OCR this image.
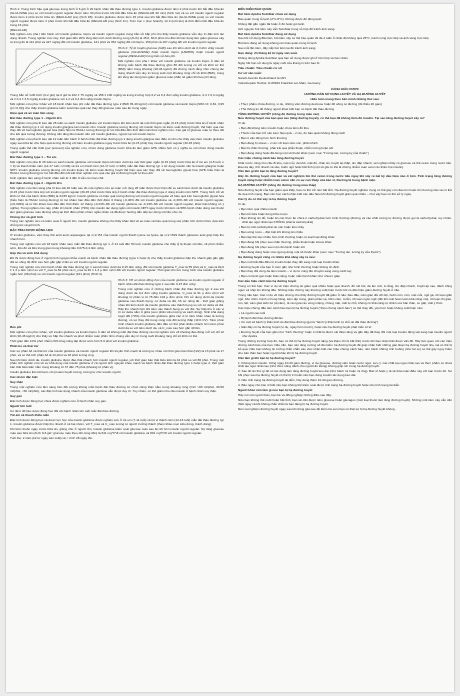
Hình 1: Trung bình hậu quả glucose trung bình ở 6 giờ ở 20 bệnh nhân đái tháo đường type 1. Insulin glulisine được tiêm 2 phút trước khi bắt đầu bữa ăn (GLULISINE pre) so với insulin người regular được tiêm 30 phút trước khi bắt đầu bữa ăn (REGULAR 30 min) (hình 1A) và so với insulin người regular được tiêm 2 phút trước bữa ăn (REGULAR pre) (hình 1B). Insulin glulisine được tiêm 15 phút sau khi bắt đầu bữa ăn (GLULISINE post) so với insulin người regular được tiêm 2 phút trước khi bắt đầu bữa ăn (REGULAR pre) (hình 1C). Trên trục x (trục hoành), số 0 (mũi tên) là thời điểm bắt đầu bữa ăn trong 15 phút.

(REGULAR)

Một nghiên cứu pha I tiến hành với insulin glulisine, lispro và insulin người regular trong bắn sử bắp phì cho thấy insulin glulisine vẫn duy trì đặc tính tác dụng nhanh. Trong nghiên cứu này, thời gian đến 20% tổng diện tích dưới đường cong (AUC) là 45,0, 60,0 phút cho đến khi tác dụng làm giảm glucose xảy ra trong đó là 114 phút và 427 mg/kg đối với insulin glulisine, 121 phút và 354 mg/kg đối với lispro, 150 phút và 197 mg/kg đối với insulin người regular.

Hình 2: Tỷ lệ truyền glucose (GIR) sau khi tiêm dưới da 0,3 đơn vị/kg insulin glulisine (GLULISINE) hoặc insulin lispro (LISPRO) hoặc insulin người regular (REGULAR) trong bắn sử béo phì.

Một nghiên cứu pha I khác với insulin glulisine và insulin lispro ở dân số không mắc bệnh đái tháo đường gồm 80 đối tượng có chỉ số khối cơ thể (BMI) nằm trong khoảng (18-46 kg/m²) đã chứng minh rằng nhìn chung tác dụng nhanh vẫn duy trì trong suốt một khoảng rộng chỉ số khối (BMI), trong khi tổng tác dụng làm giảm glucose toàn phần sẽ giảm khi béo phì tăng.

Trong bắn sử GIR AUC (0-2 giờ) tại 0 giờ là 102 ± 75 mg/kg và 158 ± 100 mg/kg và trong trường hợp 0,2 và 0,4 đơn vị/kg insulin glulisine, 0,4 ± 0,4 mg/kg và ± 0,4 ± 3,5 mg/kg insulin glulisine với 1,2 và 0,4 đơn vị/kg insulin lispro.

Một nghiên cứu pha I khác với 18 bệnh nhân béo phì mắc đái tháo đường type 2 (BMI 35-40 kg/m²) với insulin glulisine và insulin lispro [90% CI: 0,81, 0,95 (p=<0,01)] cho thấy insulin glulisine kiểm soát hiệu quả các thay đổi glucose máu sau ăn trong ngày.

Hiệu quả và an toàn lâm sàng

Đái tháo đường type 1 – Người lớn

Một nghiên cứu pha III kéo dài 26 tuần so sánh insulin glulisine với insulin lispro khi tiêm dưới da một thời gian ngắn (0-15 phút) trước bữa ăn ở bệnh nhân đái tháo đường typ 1 sử dụng insulin glargine làm insulin nền. Insulin glulisine tương đương với insulin lispro về kiểm soát đường huyết, thể hiện qua các thay đổi về hemoglobin glycat hóa (biểu hiện là HbA1c tương đương) từ lúc bắt đầu đến thời điểm kết thúc nghiên cứu. Các giá trị glucose máu tự theo dõi cho kết quả tương đương. Không cần tăng liều insulin nền với insulin glulisine, ngược lại với insulin lispro.

Một nghiên cứu pha III kéo dài 12 tuần tiến hành ở bệnh nhân đái tháo đường typ 1 dùng insulin glargine làm điều trị nền cho thấy việc tiêm insulin glulisine ngay sau bữa ăn cho hiệu quả tương đương với tiêm insulin glulisine ngay trước bữa ăn (0-15 phút) hay insulin người regular (30-45 phút).

Trong quần thể cần thiết (per protocol) của nghiên cứu, nhóm dùng glulisine trước bữa ăn làm giảm GHb nhiều hơn có ý nghĩa so với nhóm dùng insulin người regular.

Đái tháo đường type 1 – Trẻ em

Một nghiên cứu pha III 26 tuần so sánh insulin glulisine với insulin lispro khi tiêm dưới da một thời gian ngắn (0-15 phút) trước bữa ăn ở trẻ em (4-5 tuổi; n = 9) và thanh thiếu niên (12-17 tuổi; n=149) và trẻ em hành trên (12-17 tuổi; n=180) mắc đái tháo đường typ 1 sử dụng insulin nền là insulin glargine hoặc NPH. Insulin glulisine tương đương với insulin lispro về kiểm soát đường huyết thể hiện qua các thay đổi về hemoglobin glycat hóa (GHb biểu hiện là HbA1c tương đương) từ lúc bắt đầu đến khi kết thúc nghiên cứu qua các giá trị đường huyết tự theo dõi.

Kinh nghiệm lâm sàng ở bệnh nhân tuổi từ 4 đến 6 vẫn còn hạn chế.

Đái tháo đường type 2 – Người lớn

Một nghiên cứu lâm sàng pha III kéo dài 26 tuần sau đó một nghiên cứu an toàn mở rộng 26 tuần được thực hiện để so sánh tiêm dưới da insulin glulisine (0-15 phút trước bữa ăn) với insulin người regular (30-45 phút trước bữa ăn) ở bệnh nhân đái tháo đường type 2 dùng insulin nền NPH. Trong hình trở về khối cơ thể của bệnh nhân (BMI) là 34,55 kg/m². Insulin glulisine có hiệu quả tương đương với insulin người regular về hiệu quả trên hemoglobin glycat hóa (biểu hiện là HbA1c tương đương) từ lúc khám ban đầu đến thời điểm 6 tháng (-0,46% đối với insulin glulisine và -0,30% đối với insulin người regular, p=0,0029) và từ lần khám ban đầu đến thời điểm 12 tháng (-0,23% đối với insulin glulisine và -0,13% đối với insulin người regular, khác biệt không có ý nghĩa). Trong nghiên cứu này, phần lớn bệnh nhân (79%) trộn insulin tác dụng ngắn với insulin NPH ngay trước khi tiêm và 58% bệnh nhân dùng các thuốc làm giảm glucose máu đường uống tại thời điểm phân nhóm ngẫu nhiên và đã được hướng dẫn tiếp tục dùng với liều như cũ.

Chủng tộc và giới tính

Trong các nghiên cứu có kiểm soát ở người lớn, insulin glulisine không cho thấy khác biệt về an toàn và hiệu quả trong các phân tích dưới nhóm dựa trên chủng tộc và giới tính.

ĐẶC TÍNH DƯỢC ĐỘNG HỌC

Ở insulin glulisine, việc thay thế acid amin asparagine tại vị trí B3 của insulin người thành lysine và lysine tại vị trí B29 thành glutamic acid giúp hấp thu nhanh hơn.

Trong một nghiên cứu với 18 bệnh nhân nam mắc đái tháo đường typ 1, ở 21 tuổi đến 50 tuổi, insulin glulisine cho thấy tỷ lệ thuận với liều, về phơi nhiễm sớm, liều đó và liều trung gian trong khoảng liều 0,075-0,4 đơn vị/kg.

Hấp thu và sinh khả dụng

Đồ thị dược động học ở người tình nguyện khỏe mạnh và bệnh nhân đái tháo đường (type 1 hoặc 2) cho thấy insulin glulisine hấp thu nhanh gấp gần gấp đôi so nồng độ đỉnh cao hơn gần gấp 2 lần so với insulin người regular.

Trong một nghiên cứu trên bệnh nhân đái tháo đường typ 1 sau khi tiêm dưới da 0,15 đơn vị/kg, đối với insulin glulisine T_max là 55 phút và C_max là 82,0 ± 1,3 µ đơn vị/ml so với T_max là 82 phút và C_max là 46 ± 1,3 µ đơn vị/ml đối với insulin người regular. Thời gian tồn lưu trung bình của insulin glulisine ngắn hơn (98 phút) so với insulin người regular (161 phút) (Hình 3).

Hình 3: Hồ sơ dược động học của insulin glulisine và insulin người regular ở bệnh nhân đái tháo đường type 1 sau liều 0,15 đơn vị/kg.

Trong một nghiên cứu ở những bệnh nhân đái tháo đường typ 2 sau khi dùng dưới da 0,2 đơn vị/kg insulin glulisine, C_max là 91 µ đơn vị/ml với khoảng tứ phân vị từ 78 đến 104 µ đơn vị/ml. Khi sử dụng dưới da insulin glulisine vào thành bụng, cơ delta và đùi, hồ sơ nồng độ - thời gian giống nhau khi tiêm dưới da insulin glulisine vào thành bụng so với cơ delta và đùi. Hấp thu nhanh hơn khi tiêm vào thành bụng so với đùi. Sự hấp thu ở các vị trí cơ delta nằm ở giữa (xem phần Liều lượng và cách dùng). Sinh khả dụng tuyệt đối (70%) của insulin glulisine giữa các vị trí tiêm khác nhau là tương đương, có sự thay đổi trong cùng một đối tượng thấp (11% CV). Tiêm phúc trình nhanh insulin glulisine đến đâu cơ thể phải nhiều nhanh hơn tiêm phúc dưới da so với tiêm dưới da, và C_max cao hơn gần 40 lần.

Béo phì

Một nghiên cứu pha I khác, với insulin glulisine và insulin lispro ở dân số không mắc đái tháo đường và một nghiên cứu về khoảng đạo động mở với chỉ số khối (18-46 kg/m²) cho thấy sự hấp thu nhanh và phơi nhiễm toàn phần nhìn chung vẫn duy trì trong suốt khoảng rộng chỉ số khối cơ thể.

Thời gian đến 10% phơi nhiễm INS tổng cũng đạt được sớm hơn 5-6 phút với insulin glulisine.

Phân bố và thải trừ

Các sự phân bố và thải trừ của insulin glulisine và insulin người regular khi truyền tĩnh mạch là tương tự nhau với thời gian bán thải (t1/2) là 13 phút và 17 phút, và có thể tích phân bố là 13 phút và 18 phút tương ứng.

Sau khi tiêm dưới da, insulin glulisine được đào thải nhanh hơn insulin người regular, với thời gian bán thải biểu kiến là 42 phút so với 86 phút. Trong một phân tích nghiên cứu về sự khả dụng của insulin glulisine ở cả người tình nguyện khỏe mạnh và bệnh nhân đái tháo đường type 1 hoặc type 2, thời gian bán thải biểu kiến nằm trong khoảng từ 37 đến 75 phút (khoảng tứ phân vị).

Insulin glulisine liên kết kém với protein huyết tương, tương tự như insulin người.

Các nhóm đặc biệt

Suy thận

Trong một nghiên cứu lâm sàng trên đối tượng không mắc bệnh đái tháo đường có chức năng thận nằm trong khoảng rộng (Clcr >80 ml/phút, 30-50 ml/phút, <30 ml/phút), các đặc tính tác dụng nhanh của insulin glulisine vẫn được duy trì. Tuy nhiên, có thể giảm nhu cầu insulin ở bệnh nhân suy thận.

Suy gan

Đặc tính dược động học chưa được nghiên cứu ở bệnh nhân suy gan.

Người lớn tuổi

Có rất ít dữ liệu dược động học đối với bệnh nhân lớn tuổi mắc đái tháo đường.

Trẻ em và thanh thiếu niên

Đặc tính dược động học và dược lực học của insulin glulisine được nghiên cứu ở trẻ em (7-11 tuổi) và trẻ vị thành niên (12-16 tuổi) mắc đái tháo đường typ 1. Insulin glulisine được hấp thu nhanh ở cả hai nhóm, với T_max và C_max tương tự người trưởng thành (tham khảo mục Liều dùng, Cách dùng).

Khi tiêm thuốc ngay trước bữa ăn, giống như ở người lớn, insulin glulisine kiểm soát glucose máu sau ăn tốt hơn insulin người regular. Sự tăng glucose máu sau bữa ăn (AUC 0-6 giờ: glucose máu theo dõi cộng dồn) là 641 mg*h*dl với insulin glulisine và 801 mg*h*dl với insulin người regular.

Tuổi thọ: 2 năm (kể từ ngày sản xuất) và < 2m!! 28 ngày tồn.

ĐIỀU KIỆN BẢO QUẢN

Bút tiêm Apidra SoloStar chưa sử dụng

Bảo quản trong tủ lạnh (2°C-8°C). Không được để đông lạnh.

Không đặt gần ngăn đá hoặc ở đó hoặc gói lạnh.

Giữ nguyên bút tiêm này vẫn SoloStar trong vỏ hộp để tránh ánh sáng.

Bút tiêm Apidra SoloStar đang sử dụng

Sau khi sử dụng đầu tiên, bút tiêm này có thể bảo quản tối đa 4 tuần ở nhiệt độ không quá 25°C, tránh nóng trực tiếp và ánh sáng trực tiếp.

Bút tiêm đang sử dụng không nên bảo quản trong tủ lạnh.

Sau mỗi lần tiêm, đậy nắp bút tiêm lại đẻ tránh ánh sáng.

Hạn dùng: 24 tháng kể từ ngày sản xuất.

Không dùng Apidra SoloStar quá hạn sử dụng được ghi ở trên hộp và bên nhãn.

Ngày hết hạn sử dụng là ngày cuối của tháng in trên bao bì.

Tiêu chuẩn: Tiêu chuẩn cơ sở

Cơ sở sản xuất:

Sanofi-Aventis Deutschland GmbH

Industriepark Hochst, D-65926 Frankfurt am Main, Germany

CẢNH GIÁC DƯỢC

HƯỚNG DẪN SỬ DỤNG HUYẾT VÀ HẠ ĐƯỜNG HUYẾT

Hiểu luôn mang theo bên mình những thứ sau:

• Thực phẩm chứa đường, ví dụ, những viên đường dextrose hoặc đồ uống có đường (tối thiểu 20 gam)

• Thẻ thông tin để thông người khác biết bạn có bệnh đái tháo đường

TĂNG ĐƯỜNG HUYẾT (nồng độ đường trong máu cao)

Nếu đường huyết của bạn quá cao (tăng đường huyết), có thể bạn đã không tiêm đủ insulin. Tại sao tăng đường huyết xảy ra?

Ví dụ:

• Bạn đã không tiêm insulin hoặc chưa tiêm đủ liều.

• Thuốc của bạn trở nên kém hiệu quả – ví dụ, do bảo quản không đúng cách

• Bạn ít vận động hơn bình thường

• Bạn đang bị stress – ví dụ: rối loạn cảm xúc, phấn khích

• Bạn bị chấn thương, phải trải qua phẫu thuật, nhiễm trùng hoặc sốt

• Bạn đang dùng hoặc đã dùng một số thuốc khác (xem mục "Tương tác, tương kỵ của thuốc")

Các triệu chứng cảnh báo tăng đường huyết

Khát nước, tăng nhu cầu đi tiểu, mệt mỏi, da khô, mặt đỏ, chán ăn, huyết áp thấp, tim đập nhanh, xét nghiệm thấy có glucose và thể ceton trong nước tiểu. Đau dạ dày, thở nhanh và sâu, buồn ngủ hoặc bất tỉnh (một số giả có thể là chứng nhiễm toan ceton do thiếu hụt insulin).

Cần làm gì khi bạn bị tăng đường huyết?

Hãy đo đường huyết của bạn và xét nghiệm tìm thể ceton trong nước tiểu ngay khi xảy ra bất kỳ dấu hiệu nào ở trên. Tình trạng tăng đường huyết nặng hoặc nhiễm toan ceton cần có sự can thiệp của bác sĩ, thường là trong bệnh viện.

HẠ ĐƯỜNG HUYẾT (nồng độ đường trong máu thấp)

Nếu đường huyết của bạn giảm quá thấp, bạn có thể trở nên bất tỉnh. Hạ đường huyết nghiêm trọng có thể gây cơn đau tim hoặc tổn thương não và có thể đe dọa tính mạng. Bạn nên học cách nhận biết các dấu hiệu khi đường huyết giảm quá nhiều – như vậy bạn có thể sử lý ngay.

Các lý do có thể xảy ra hạ đường huyết

Ví dụ:

• Bạn tiêm quá nhiều insulin

• Bạn bỏ bữa hoặc dùng bữa muộn

• Bạn không ăn đủ, hoặc ăn các thực ăn chứa ít carbohydrat hơn bình thường (đường và các chất tương tự đường được gọi là carbohydrat; tuy nhiên, chất tạo ngọt nhân tạo KHÔNG phải là carbohydrat)

• Bạn bị mất carbohydrat do nôn hoặc tiêu chảy

• Bạn uống rượu – đặc biệt khi không ăn nhiều

• Bạn tập thể dục nhiều hơn bình thường hoặc có loại hoạt động khác

• Bạn đang hồi phục sau chấn thương, phẫu thuật hoặc stress khác

• Bạn đang hồi phục sau một căn bệnh hoặc sốt

• Bạn đang dùng hoặc vừa ngưng dùng một số thuốc khác (xem mục "Tương tác, tương kỵ của thuốc")

Hạ đường huyết cũng có nhiều khả năng xảy ra nếu:

• Bạn mới bắt đầu điều trị insulin hoặc thay đổi sang một loại insulin khác.

• Đường huyết của bạn ở mức gần như bình thường hoặc không ổn định.

• Bạn thay đổi vùng da tiêm insulin – ví dụ từ vùng đùi chuyển sang vùng cánh tay

• Bạn có bệnh gan hoặc thận nặng, hoặc mắc bệnh khác như nhược giáp

Các dấu hiệu cảnh báo hạ đường huyết

Trong cơ thể bạn: Các ví dụ về triệu chứng do giảm quá nhiều hoặc quá nhanh: đổ mồ hôi, da ẩm ướt, lo lắng, tim đập nhanh, huyết áp cao, đánh trống ngực và nhịp tim không đều. Những triệu chứng này thường xuất hiện trước khi có dấu hiệu giảm đường huyết ở não.

Trong não bạn: Các ví dụ về triệu chứng cho thấy đường huyết đã giảm ở não: đau đầu, cảm giác đói dữ dội, buồn nôn, nôn, mệt mỏi, ngủ gà, rối loạn giấc ngủ, bồn chồn, hành vi hung hăng, kém tập trung, giảm phản xạ, trầm cảm, lú lẫn, rối loạn ngôn ngữ (đôi khi mất hoàn toàn khả năng nói), rối loạn thị giác, run, liệt, cảm giác kiến bò (dị cảm), tê và ngứa ran vùng miệng, chóng mặt, mất tự chủ, không có khả năng tự chăm sóc bản thân, co giật, mất ý thức.

Các triệu chứng đầu tiên cảnh báo bạn bị hạ đường huyết ("triệu chứng cảnh báo") có thể thay đổi, yếu hơn hoặc không xuất hiện nếu:

• Là người cao tuổi

• Bị bệnh đái tháo đường đã lâu

• Có một số bệnh lý thần kinh do đái tháo đường (gọi là "bệnh lý thần kinh tự chủ do đái tháo đường")

• Gần đây có hạ đường huyết (ví dụ, ngày hôm trước), hoặc nếu hạ đường huyết phát triển từ từ

• Đường huyết của bạn gần như "bình thường" hoặc ít nhất là được cải thiện tăng và gần đây đã thay đổi một loại insulin động vật sang loại insulin người như Apidra

Trong những trường hợp đó, bạn có thể bị hạ đường huyết nặng (và thậm chí bị bất tỉnh) trước khi bạn nhận biết được vấn đề. Hãy làm quen với các triệu chứng cảnh báo của bạn. Nếu cần, bạn nên tăng cường số lần kiểm tra đường huyết để giúp nhận biết những giai đoạn hạ đường huyết nhẹ mà có thể bị bỏ qua. Nếu bạn không tin tưởng chắc chắn vào việc nhận biết các triệu chứng cảnh báo, nên tránh những tình huống (như lái xe) có thể gây nguy hiểm cho bản thân bạn hoặc người khác khi bị hạ đường huyết.

Cần làm gì khi bạn bị hạ đường huyết?

1. Không tiêm insulin. Uống ngay 10-20 gam đường, ví dụ glucose, đường viên hoặc nước ngọt. Lưu ý: các chất tạo ngọt nhân tạo và thực phẩm có chứa chất tạo ngọt nhân tạo (như thức uống dành cho người ăn kiêng) không giúp ích trong hạ đường huyết.

2. Sau đó ăn thứ gì đó có tác dụng làm tăng đường huyết kéo dài (như bánh mì hoặc mì ống). Bác sĩ hoặc y tá sẽ thảo luận điều này với bạn trước đó. Sự hồi phục sau hạ đường huyết có thể bị trì hoãn nếu bạn dùng insulin tác dụng kéo dài.

3. Nếu tình trạng hạ đường huyết tái diễn, hãy dùng thêm 10-20 gam đường.

4. Báo ngay cho bác sĩ biết nếu bạn không thể kiểm soát được tình trạng hạ đường huyết hoặc nếu tình trạng tái diễn.

Người khác nên làm gì nếu bạn bị hạ đường huyết

Hãy nói với người thân, bạn bè và đồng nghiệp những điều sau đây:

Nếu bạn không thể nuốt hoặc bất tỉnh, bạn sẽ cần được tiêm glucose hoặc glucagon (một loại thuốc làm tăng đường huyết). Những mũi tiêm này vẫn cần thiết ngay cả khi không chắc chắn là bạn đang bị hạ đường huyết.

Nên xét nghiệm đường huyết ngay sau khi dùng glucose để kiểm tra xem bạn có thật sự bị hạ đường huyết không.
